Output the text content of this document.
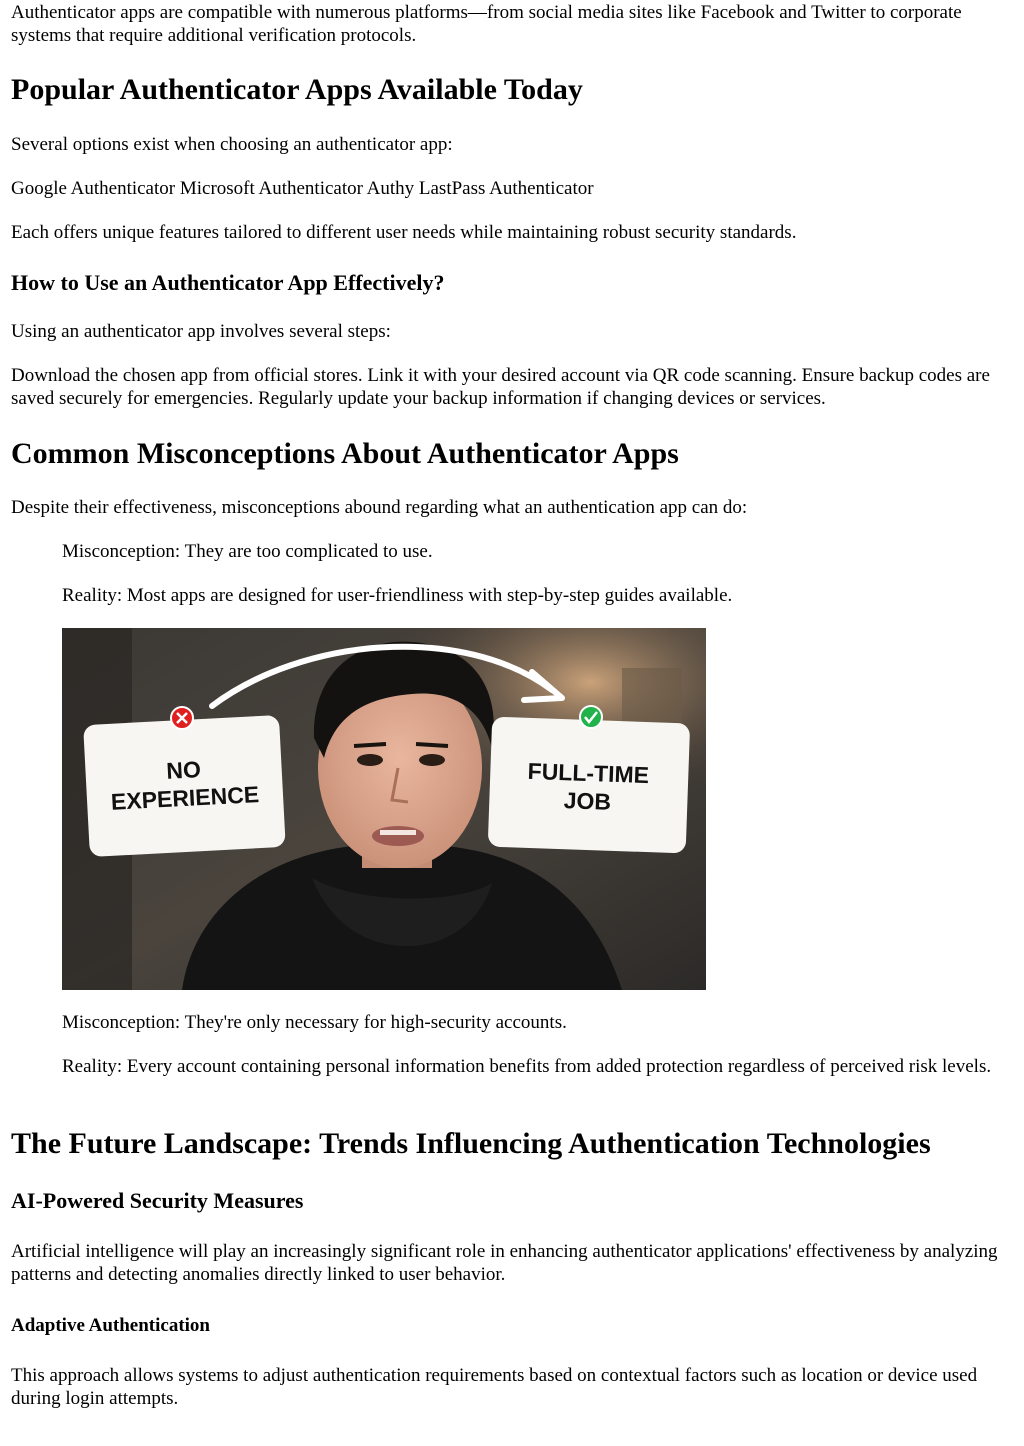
Authenticator apps are compatible with numerous platforms—from social media sites like Facebook and Twitter to corporate systems that require additional verification protocols.

Popular Authenticator Apps Available Today

Several options exist when choosing an authenticator app:

Google Authenticator Microsoft Authenticator Authy LastPass Authenticator

Each offers unique features tailored to different user needs while maintaining robust security standards.

How to Use an Authenticator App Effectively?

Using an authenticator app involves several steps:

Download the chosen app from official stores. Link it with your desired account via QR code scanning. Ensure backup codes are saved securely for emergencies. Regularly update your backup information if changing devices or services.

Common Misconceptions About Authenticator Apps

Despite their effectiveness, misconceptions abound regarding what an authentication app can do:

Misconception: They are too complicated to use.

Reality: Most apps are designed for user-friendliness with step-by-step guides available.

NO
EXPERIENCE
FULL-TIME
JOB

Misconception: They're only necessary for high-security accounts.

Reality: Every account containing personal information benefits from added protection regardless of perceived risk levels.

The Future Landscape: Trends Influencing Authentication Technologies
AI-Powered Security Measures

Artificial intelligence will play an increasingly significant role in enhancing authenticator applications' effectiveness by analyzing patterns and detecting anomalies directly linked to user behavior.

Adaptive Authentication

This approach allows systems to adjust authentication requirements based on contextual factors such as location or device used during login attempts.
